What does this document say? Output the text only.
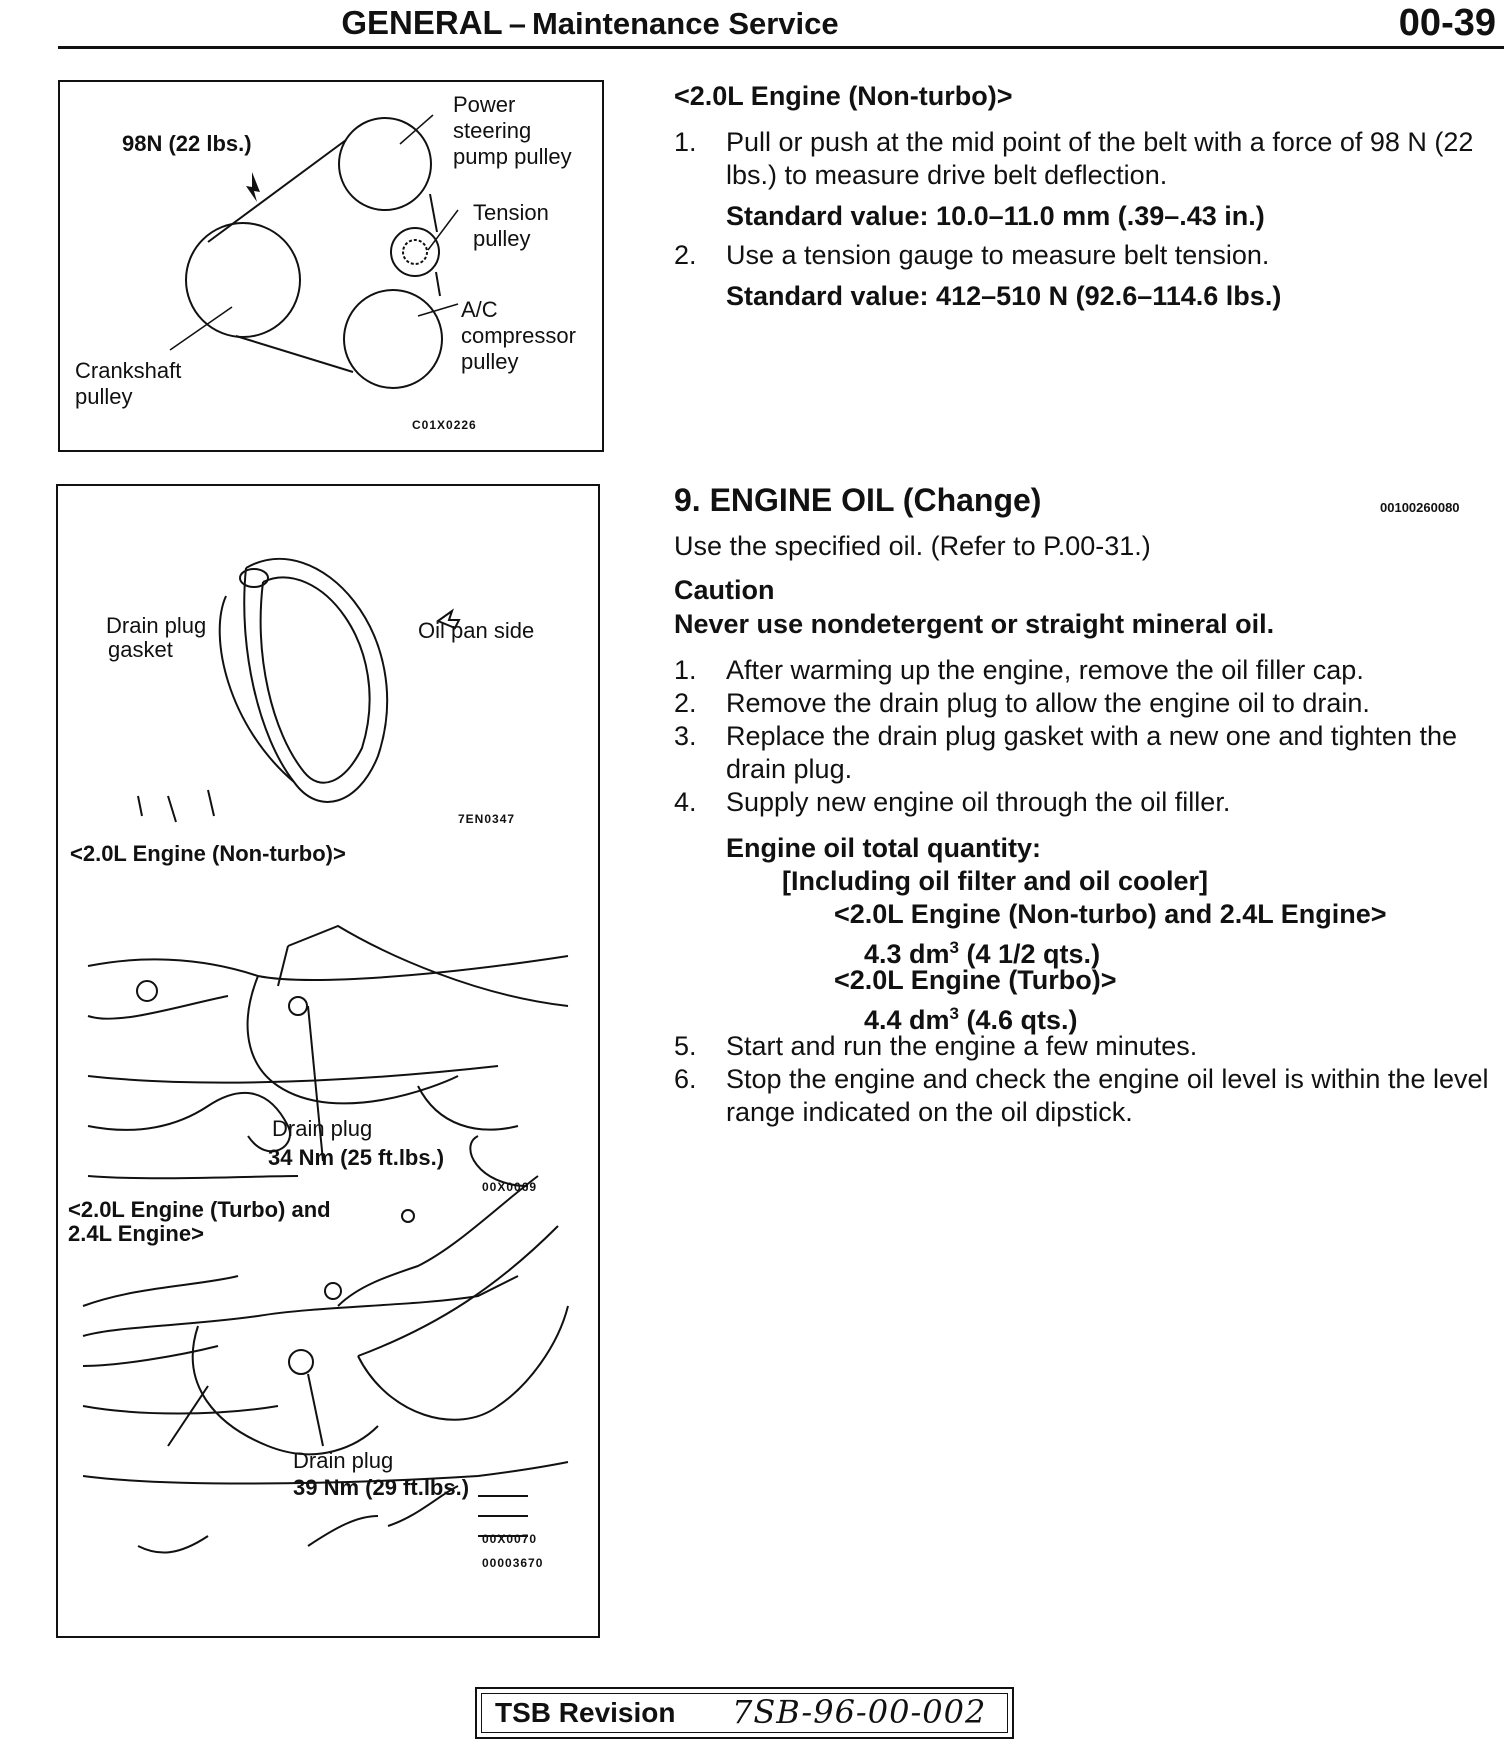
GENERAL – Maintenance Service	00-39
98N (22 lbs.)
Power
steering
pump pulley
Tension
pulley
A/C
compressor
pulley
Crankshaft
pulley
C01X0226
<2.0L Engine (Non-turbo)>
1. Pull or push at the mid point of the belt with a force of 98 N (22 lbs.) to measure drive belt deflection.
Standard value: 10.0–11.0 mm (.39–.43 in.)
2. Use a tension gauge to measure belt tension.
Standard value: 412–510 N (92.6–114.6 lbs.)
Drain plug
gasket
Oil pan side
7EN0347
<2.0L Engine (Non-turbo)>
Drain plug
34 Nm (25 ft.lbs.)
00X0069
<2.0L Engine (Turbo) and
2.4L Engine>
Drain plug
39 Nm (29 ft.lbs.)
00X0070
00003670
9. ENGINE OIL (Change)	00100260080
Use the specified oil. (Refer to P.00-31.)
Caution
Never use nondetergent or straight mineral oil.
1. After warming up the engine, remove the oil filler cap.
2. Remove the drain plug to allow the engine oil to drain.
3. Replace the drain plug gasket with a new one and tighten the drain plug.
4. Supply new engine oil through the oil filler.
Engine oil total quantity:
[Including oil filter and oil cooler]
<2.0L Engine (Non-turbo) and 2.4L Engine>
4.3 $dm^3$ (4 1/2 qts.)
<2.0L Engine (Turbo)>
4.4 $dm^3$ (4.6 qts.)
5. Start and run the engine a few minutes.
6. Stop the engine and check the engine oil level is within the level range indicated on the oil dipstick.
TSB Revision 7SB-96-00-002
